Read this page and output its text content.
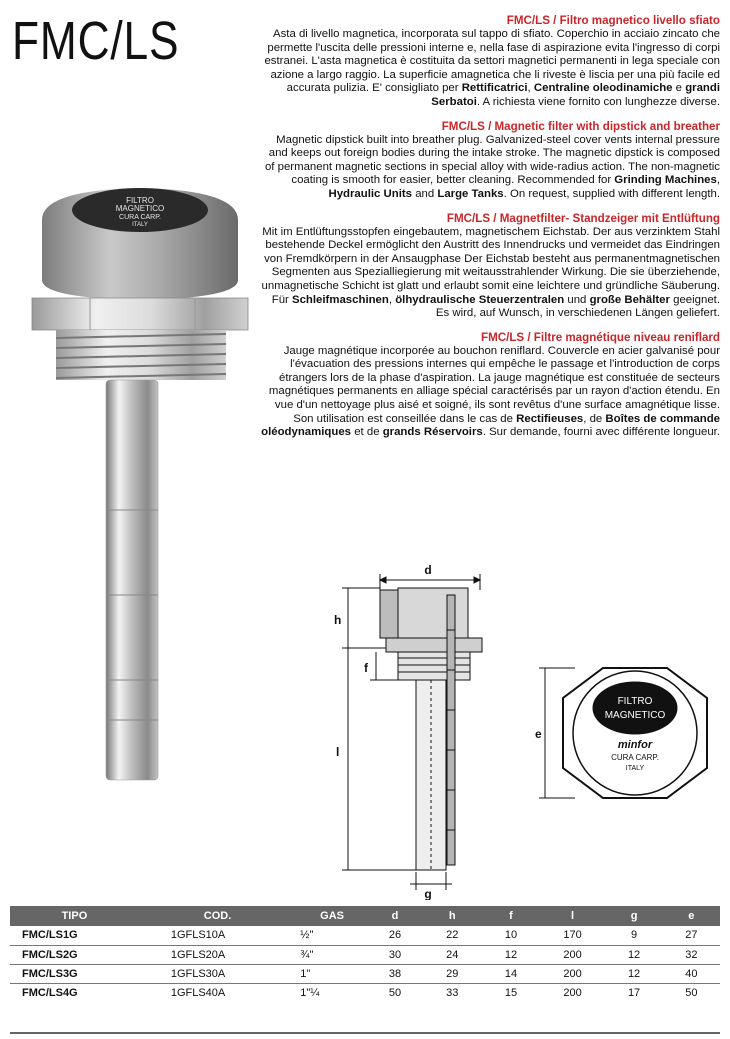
FMC/LS	FMC/LS / Filtro magnetico livello sfiato
Asta di livello magnetica, incorporata sul tappo di sfiato. Coperchio in acciaio zincato che permette l'uscita delle pressioni interne e, nella fase di aspirazione evita l'ingresso di corpi estranei. L'asta magnetica è costituita da settori magnetici permanenti in lega speciale con azione a largo raggio. La superficie amagnetica che li riveste è liscia per una più facile ed accurata pulizia. E' consigliato per Rettificatrici, Centraline oleodinamiche e grandi Serbatoi. A richiesta viene fornito con lunghezze diverse.
FMC/LS / Magnetic filter with dipstick and breather
Magnetic dipstick built into breather plug. Galvanized-steel cover vents internal pressure and keeps out foreign bodies during the intake stroke. The magnetic dipstick is composed of permanent magnetic sections in special alloy with wide-radius action. The non-magnetic coating is smooth for easier, better cleaning. Recommended for Grinding Machines, Hydraulic Units and Large Tanks. On request, supplied with different length.
FMC/LS / Magnetfilter- Standzeiger mit Entlüftung
Mit im Entlüftungsstopfen eingebautem, magnetischem Eichstab. Der aus verzinktem Stahl bestehende Deckel ermöglicht den Austritt des Innendrucks und vermeidet das Eindringen von Fremdkörpern in der Ansaugphase Der Eichstab besteht aus permanentmagnetischen Segmenten aus Spezialliegierung mit weitausstrahlender Wirkung. Die sie überziehende, unmagnetische Schicht ist glatt und erlaubt somit eine leichtere und gründliche Säuberung. Für Schleifmaschinen, ölhydraulische Steuerzentralen und große Behälter geeignet. Es wird, auf Wunsch, in verschiedenen Längen geliefert.
FMC/LS / Filtre magnétique niveau reniflard
Jauge magnétique incorporée au bouchon reniflard. Couvercle en acier galvanisé pour l'évacuation des pressions internes qui empêche le passage et l'introduction de corps étrangers lors de la phase d'aspiration. La jauge magnétique est constituée de secteurs magnétiques permanents en alliage spécial caractérisés par un rayon d'action étendu. En vue d'un nettoyage plus aisé et soigné, ils sont revêtus d'une surface amagnétique lisse. Son utilisation est conseillée dans le cas de Rectifieuses, de Boîtes de commande oléodynamiques et de grands Réservoirs. Sur demande, fourni avec différente longueur.
FILTRO
MAGNETICO
CURA CARP.
ITALY
d
h
f
l
g
e
FILTRO
MAGNETICO
minfor
CURA CARP.
ITALY
TIPO	COD.	GAS	d	h	f	l	g	e
FMC/LS1G	1GFLS10A	½"	26	22	10	170	9	27
FMC/LS2G	1GFLS20A	¾"	30	24	12	200	12	32
FMC/LS3G	1GFLS30A	1"	38	29	14	200	12	40
FMC/LS4G	1GFLS40A	1"¼	50	33	15	200	17	50
